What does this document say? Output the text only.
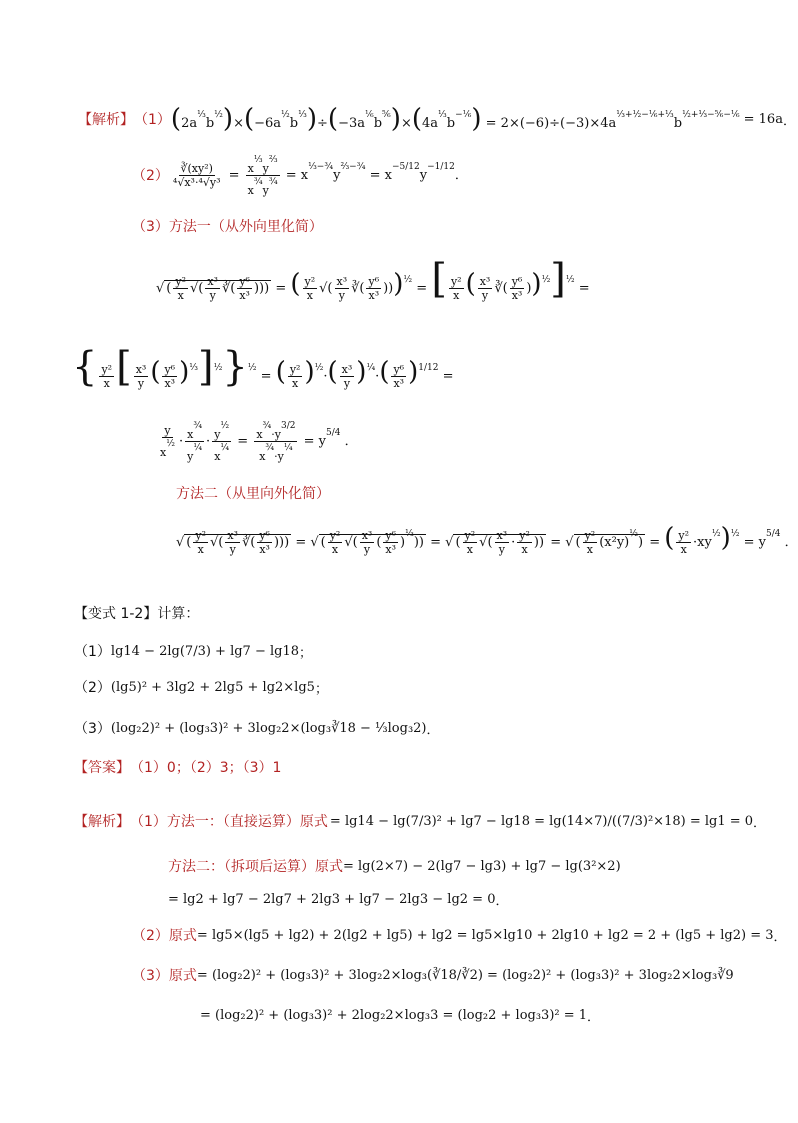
【解析】 （1） $(2a^{\frac{1}{3}}b^{\frac{1}{2}})\times(-6a^{\frac{1}{2}}b^{\frac{1}{3}})\div(-3a^{\frac{1}{6}}b^{\frac{5}{6}})\times(4a^{\frac{1}{3}}b^{-\frac{1}{6}}) = 2\times(-6)\div(-3)\times 4a^{\frac{1}{3}+\frac{1}{2}-\frac{1}{6}+\frac{1}{3}}b^{\frac{1}{2}+\frac{1}{3}-\frac{5}{6}-\frac{1}{6}} = 16a$ ．
$(2) \frac{\text{∛(xy²)}}{\text{⁴√x³·⁴√y³}} = \frac{x^{\frac{1}{3}}y^{\frac{2}{3}}}{x^{\frac{3}{4}}y^{\frac{3}{4}}} = x^{\frac{1}{3}-\frac{3}{4}}y^{\frac{2}{3}-\frac{3}{4}} = x^{-5/12}y^{-1/12}$．
（3）方法一（从外向里化简）
√ ( $\frac{\text{y²}}{x}$ √( $\frac{\text{x³}}{y}$ ∛( $\frac{\text{y⁶}}{\text{x³}}$ ))) = ( $\frac{\text{y²}}{x}$ √( $\frac{\text{x³}}{y}$ ∛( $\frac{\text{y⁶}}{\text{x³}} )))^{\frac{1}{2}}$ = [ $\frac{\text{y²}}{x}$ ( $\frac{\text{x³}}{y}$ ∛( $\frac{\text{y⁶}}{\text{x³}} ))^{\frac{1}{2}}]^{\frac{1}{2}}$ =
{ $\frac{\text{y²}}{x}$ [ $\frac{\text{x³}}{y}$ ( $\frac{\text{y⁶}}{\text{x³}} )^{\frac{1}{3}}]^{\frac{1}{2}}\}^{\frac{1}{2}}$ = ( $\frac{\text{y²}}{x} )^{\frac{1}{2}}\cdot( \frac{\text{x³}}{y} )^{\frac{1}{4}}\cdot( \frac{\text{y⁶}}{\text{x³}} )^{1/12}$ =
$\frac{y}{x^{\frac{1}{2}}} \cdot \frac{x^{\frac{3}{4}}}{y^{\frac{1}{4}}} \cdot \frac{y^{\frac{1}{2}}}{x^{\frac{1}{4}}} = \frac{x^{\frac{3}{4}}\cdot y^{3/2}}{x^{\frac{3}{4}}\cdot y^{\frac{1}{4}}} = y^{5/4}$ ．
方法二（从里向外化简）
√ ( $\frac{\text{y²}}{x}$ √( $\frac{\text{x³}}{y}$ ∛( $\frac{\text{y⁶}}{\text{x³}}$ ))) = √ ( $\frac{\text{y²}}{x}$ √( $\frac{\text{x³}}{y}$ ( $\frac{\text{y⁶}}{\text{x³}} )^{\frac{1}{3}}$)) = √ ( $\frac{\text{y²}}{x}$ √( $\frac{\text{x³}}{y} \cdot \frac{\text{y²}}{x}$ )) = √ ( $\frac{\text{y²}}{x} (x^2y)^{\frac{1}{2}}$) = ( $\frac{\text{y²}}{x} \cdot xy^{\frac{1}{2}})^{\frac{1}{2}} = y^{5/4}$ ．
【变式 1-2】计算：
（1） lg14 − 2lg(7/3) + lg7 − lg18 ；
（2） (lg5)² + 3lg2 + 2lg5 + lg2×lg5 ；
（3） (log₂2)² + (log₃3)² + 3log₂2×(log₃∛18 − ⅓log₃2) ．
【答案】 （1）0；（2）3；（3）1
【解析】 （1）方法一：（直接运算）原式 = lg14 − lg(7/3)² + lg7 − lg18 = lg(14×7)/((7/3)²×18) = lg1 = 0 ．
方法二：（拆项后运算）原式 = lg(2×7) − 2(lg7 − lg3) + lg7 − lg(3²×2)
= lg2 + lg7 − 2lg7 + 2lg3 + lg7 − 2lg3 − lg2 = 0 ．
（2）原式 = lg5×(lg5 + lg2) + 2(lg2 + lg5) + lg2 = lg5×lg10 + 2lg10 + lg2 = 2 + (lg5 + lg2) = 3 ．
（3）原式 = (log₂2)² + (log₃3)² + 3log₂2×log₃(∛18/∛2) = (log₂2)² + (log₃3)² + 3log₂2×log₃∛9
= (log₂2)² + (log₃3)² + 2log₂2×log₃3 = (log₂2 + log₃3)² = 1 ．
